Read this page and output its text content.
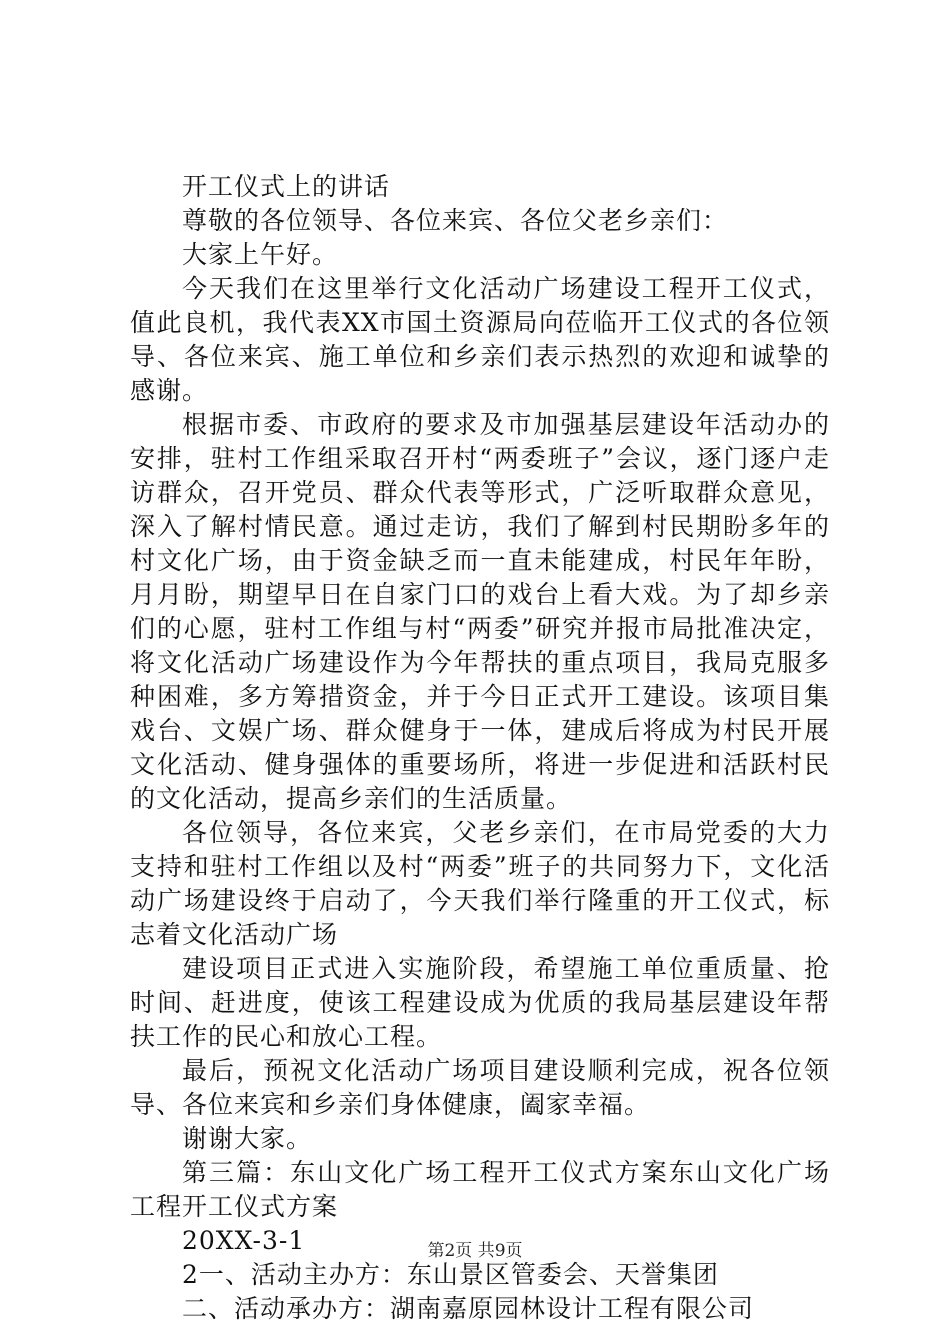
开工仪式上的讲话

尊敬的各位领导、各位来宾、各位父老乡亲们：

大家上午好。

今天我们在这里举行文化活动广场建设工程开工仪式，值此良机，我代表XX市国土资源局向莅临开工仪式的各位领导、各位来宾、施工单位和乡亲们表示热烈的欢迎和诚挚的感谢。

根据市委、市政府的要求及市加强基层建设年活动办的安排，驻村工作组采取召开村“两委班子”会议，逐门逐户走访群众，召开党员、群众代表等形式，广泛听取群众意见，深入了解村情民意。通过走访，我们了解到村民期盼多年的村文化广场，由于资金缺乏而一直未能建成，村民年年盼，月月盼，期望早日在自家门口的戏台上看大戏。为了却乡亲们的心愿，驻村工作组与村“两委”研究并报市局批准决定，将文化活动广场建设作为今年帮扶的重点项目，我局克服多种困难，多方筹措资金，并于今日正式开工建设。该项目集戏台、文娱广场、群众健身于一体，建成后将成为村民开展文化活动、健身强体的重要场所，将进一步促进和活跃村民的文化活动，提高乡亲们的生活质量。

各位领导，各位来宾，父老乡亲们，在市局党委的大力支持和驻村工作组以及村“两委”班子的共同努力下，文化活动广场建设终于启动了，今天我们举行隆重的开工仪式，标志着文化活动广场

建设项目正式进入实施阶段，希望施工单位重质量、抢时间、赶进度，使该工程建设成为优质的我局基层建设年帮扶工作的民心和放心工程。

最后，预祝文化活动广场项目建设顺利完成，祝各位领导、各位来宾和乡亲们身体健康，阖家幸福。

谢谢大家。

第三篇：东山文化广场工程开工仪式方案东山文化广场工程开工仪式方案

20XX-3-1

2一、活动主办方：东山景区管委会、天誉集团

二、活动承办方：湖南嘉原园林设计工程有限公司

第2页 共9页
